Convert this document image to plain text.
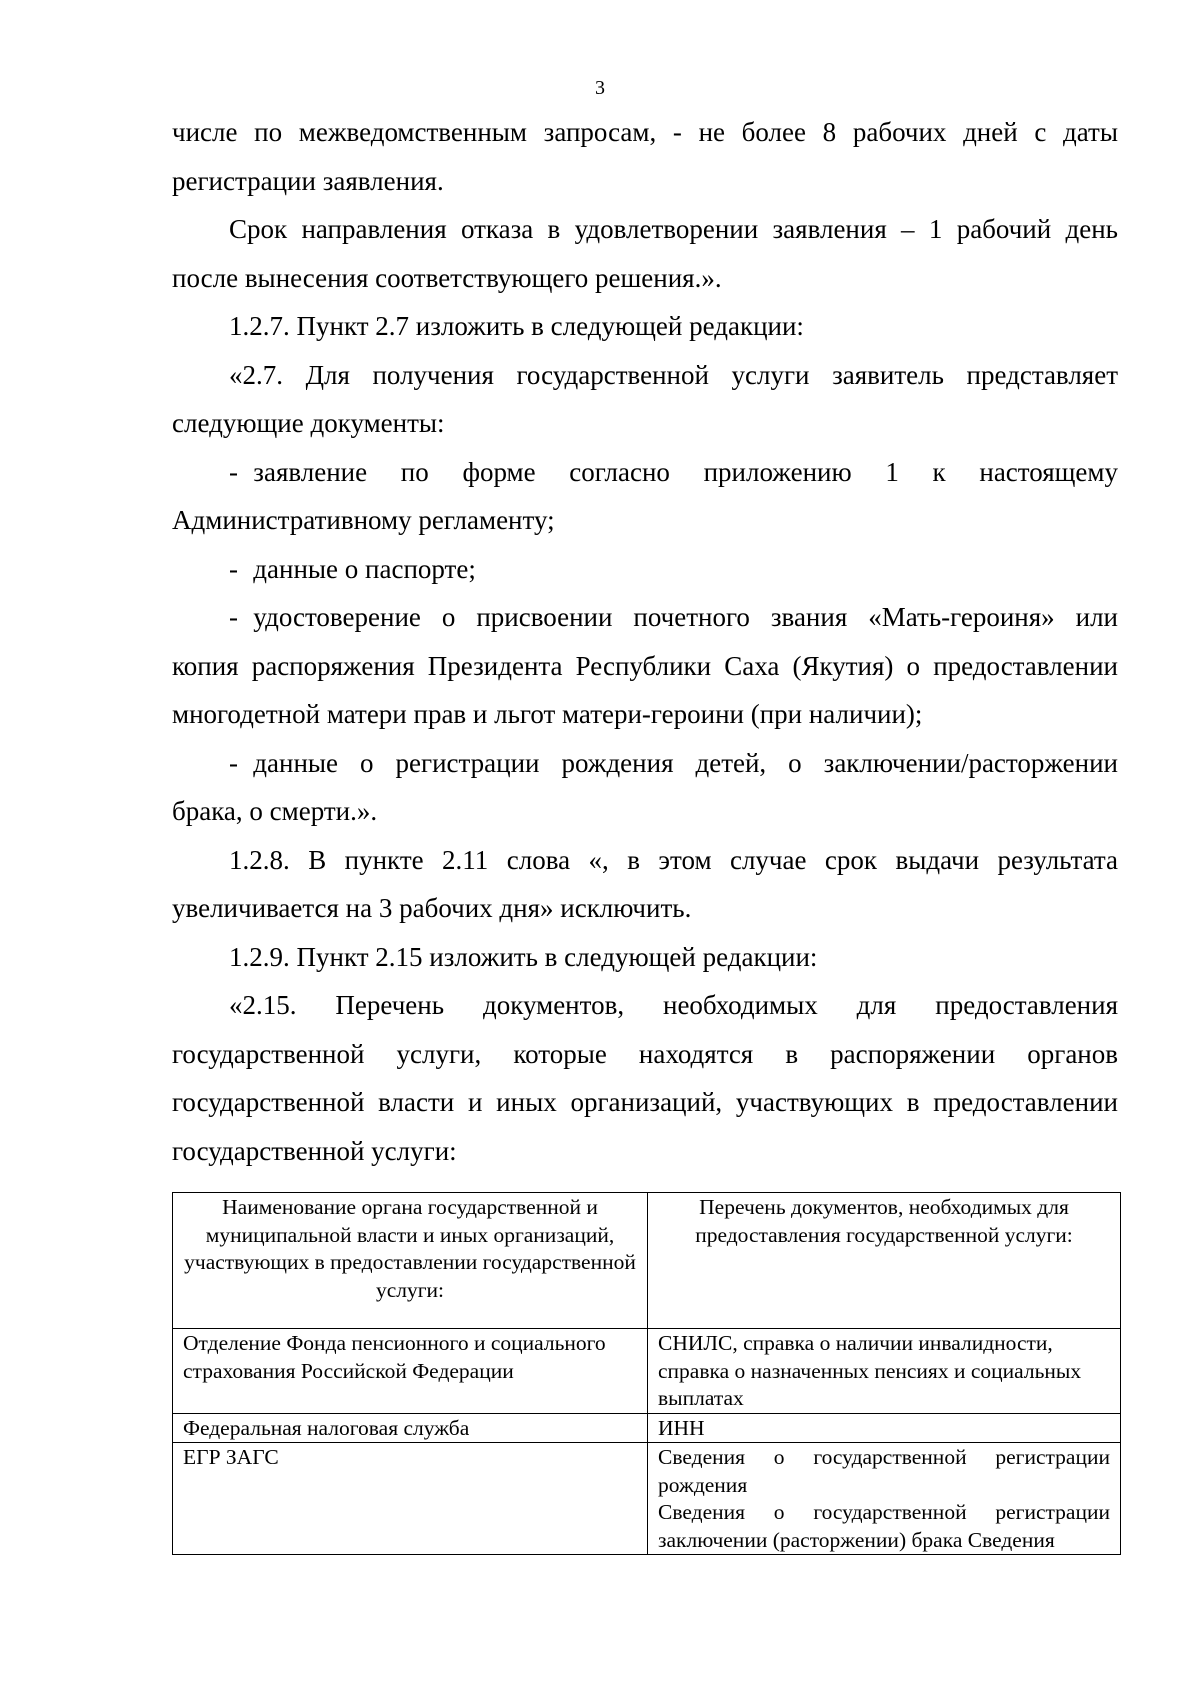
3

числе по межведомственным запросам, - не более 8 рабочих дней с даты

регистрации заявления.

Срок направления отказа в удовлетворении заявления – 1 рабочий день

после вынесения соответствующего решения.».

1.2.7. Пункт 2.7 изложить в следующей редакции:

«2.7. Для получения государственной услуги заявитель представляет

следующие документы:

- заявление по форме согласно приложению 1 к настоящему

Административному регламенту;

- данные о паспорте;

- удостоверение о присвоении почетного звания «Мать-героиня» или

копия распоряжения Президента Республики Саха (Якутия) о предоставлении

многодетной матери прав и льгот матери-героини (при наличии);

- данные о регистрации рождения детей, о заключении/расторжении

брака, о смерти.».

1.2.8. В пункте 2.11 слова «, в этом случае срок выдачи результата

увеличивается на 3 рабочих дня» исключить.

1.2.9. Пункт 2.15 изложить в следующей редакции:

«2.15. Перечень документов, необходимых для предоставления

государственной услуги, которые находятся в распоряжении органов

государственной власти и иных организаций, участвующих в предоставлении

государственной услуги:

Наименование органа государственной и муниципальной власти и иных организаций, участвующих в предоставлении государственной услуги:	Перечень документов, необходимых для предоставления государственной услуги:
Отделение Фонда пенсионного и социального страхования Российской Федерации	СНИЛС, справка о наличии инвалидности, справка о назначенных пенсиях и социальных выплатах
Федеральная налоговая служба	ИНН
ЕГР ЗАГС	Сведения о государственной регистрации рождения
Сведения о государственной регистрации заключении (расторжении) брака Сведения
